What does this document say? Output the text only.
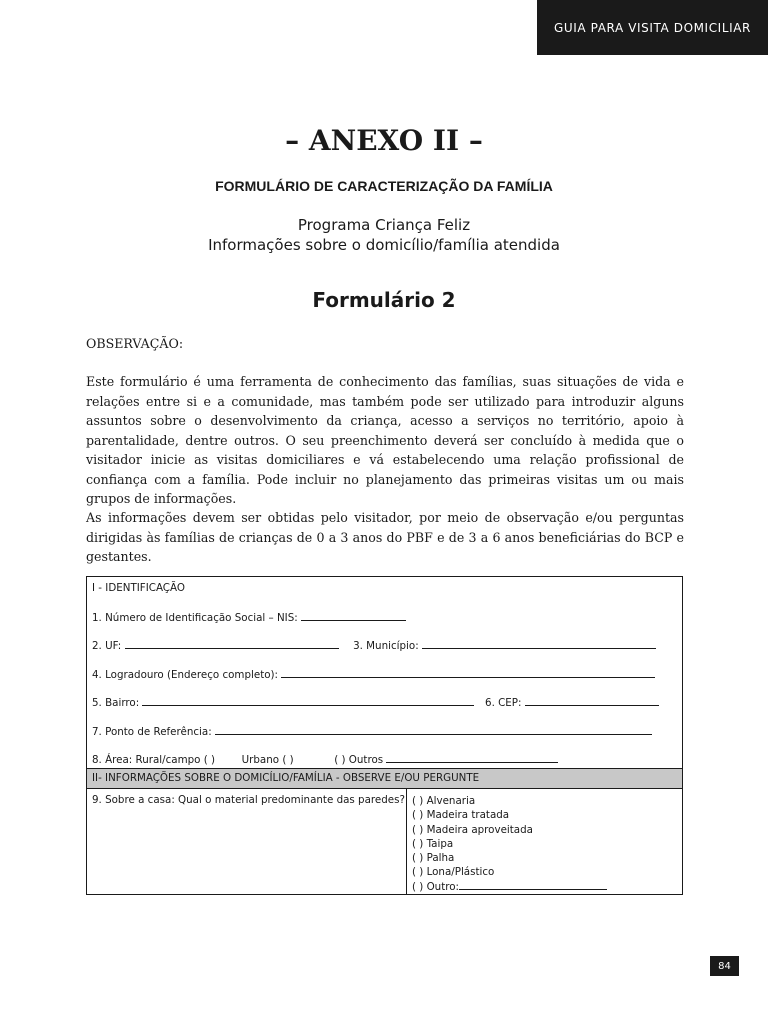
GUIA PARA VISITA DOMICILIAR
– ANEXO II –
FORMULÁRIO DE CARACTERIZAÇÃO DA FAMÍLIA
Programa Criança Feliz
Informações sobre o domicílio/família atendida
Formulário 2
OBSERVAÇÃO:
Este formulário é uma ferramenta de conhecimento das famílias, suas situações de vida e relações entre si e a comunidade, mas também pode ser utilizado para introduzir alguns assuntos sobre o desenvolvimento da criança, acesso a serviços no território, apoio à parentalidade, dentre outros. O seu preenchimento deverá ser concluído à medida que o visitador inicie as visitas domiciliares e vá estabelecendo uma relação profissional de confiança com a família. Pode incluir no planejamento das primeiras visitas um ou mais grupos de informações.
As informações devem ser obtidas pelo visitador, por meio de observação e/ou perguntas dirigidas às famílias de crianças de 0 a 3 anos do PBF e de 3 a 6 anos beneficiárias do BCP e gestantes.
I - IDENTIFICAÇÃO
1. Número de Identificação Social – NIS:
2. UF:	3. Município:
4. Logradouro (Endereço completo):
5. Bairro:	6. CEP:
7. Ponto de Referência:
8. Área: Rural/campo ( )	Urbano ( )	( ) Outros
II- INFORMAÇÕES SOBRE O DOMICÍLIO/FAMÍLIA - OBSERVE E/OU PERGUNTE
9. Sobre a casa: Qual o material predominante das paredes? ( ) Alvenaria
( ) Madeira tratada
( ) Madeira aproveitada
( ) Taipa
( ) Palha
( ) Lona/Plástico
( ) Outro:
84
